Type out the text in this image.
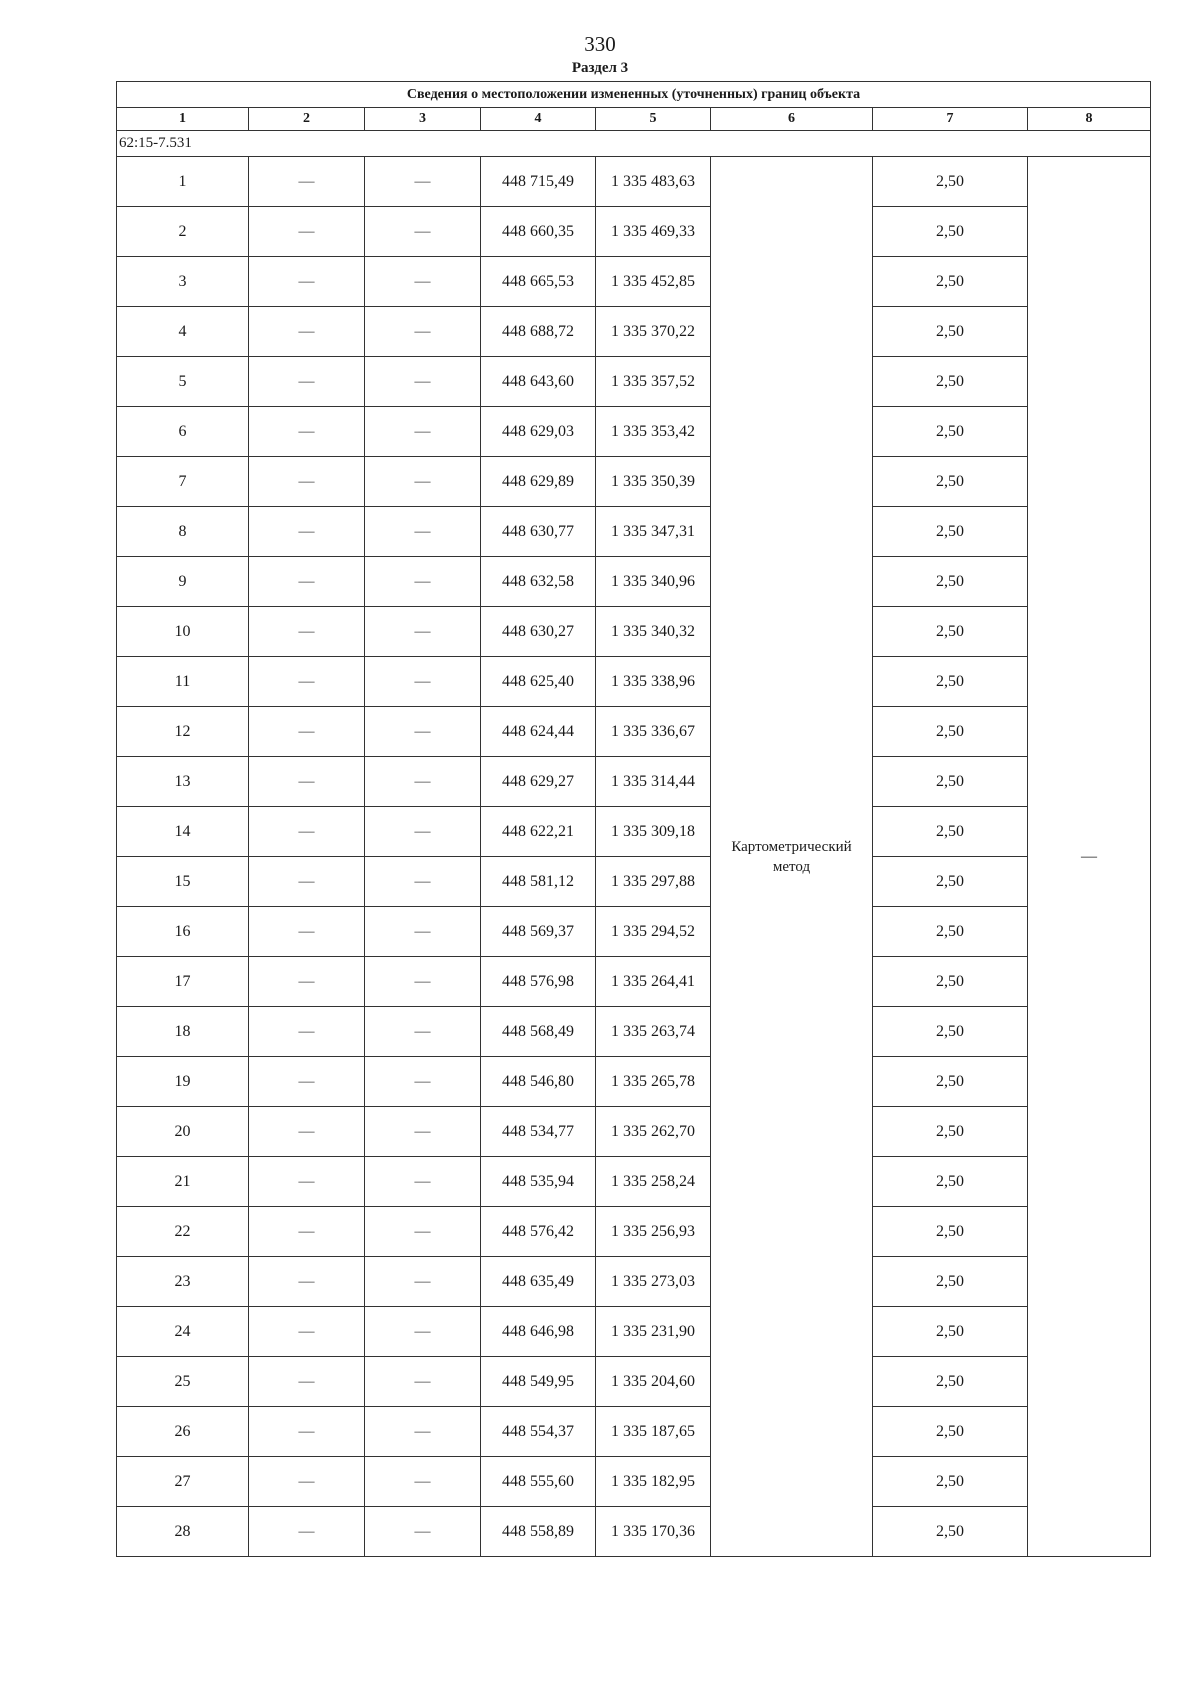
330
Раздел 3
Сведения о местоположении измененных (уточненных) границ объекта							
1	2	3	4	5	6	7	8
62:15-7.531							
1	—	—	448 715,49	1 335 483,63	Картометрический метод	2,50	—
2	—	—	448 660,35	1 335 469,33		2,50	
3	—	—	448 665,53	1 335 452,85		2,50	
4	—	—	448 688,72	1 335 370,22		2,50	
5	—	—	448 643,60	1 335 357,52		2,50	
6	—	—	448 629,03	1 335 353,42		2,50	
7	—	—	448 629,89	1 335 350,39		2,50	
8	—	—	448 630,77	1 335 347,31		2,50	
9	—	—	448 632,58	1 335 340,96		2,50	
10	—	—	448 630,27	1 335 340,32		2,50	
11	—	—	448 625,40	1 335 338,96		2,50	
12	—	—	448 624,44	1 335 336,67		2,50	
13	—	—	448 629,27	1 335 314,44		2,50	
14	—	—	448 622,21	1 335 309,18		2,50	
15	—	—	448 581,12	1 335 297,88		2,50	
16	—	—	448 569,37	1 335 294,52		2,50	
17	—	—	448 576,98	1 335 264,41		2,50	
18	—	—	448 568,49	1 335 263,74		2,50	
19	—	—	448 546,80	1 335 265,78		2,50	
20	—	—	448 534,77	1 335 262,70		2,50	
21	—	—	448 535,94	1 335 258,24		2,50	
22	—	—	448 576,42	1 335 256,93		2,50	
23	—	—	448 635,49	1 335 273,03		2,50	
24	—	—	448 646,98	1 335 231,90		2,50	
25	—	—	448 549,95	1 335 204,60		2,50	
26	—	—	448 554,37	1 335 187,65		2,50	
27	—	—	448 555,60	1 335 182,95		2,50	
28	—	—	448 558,89	1 335 170,36		2,50	
